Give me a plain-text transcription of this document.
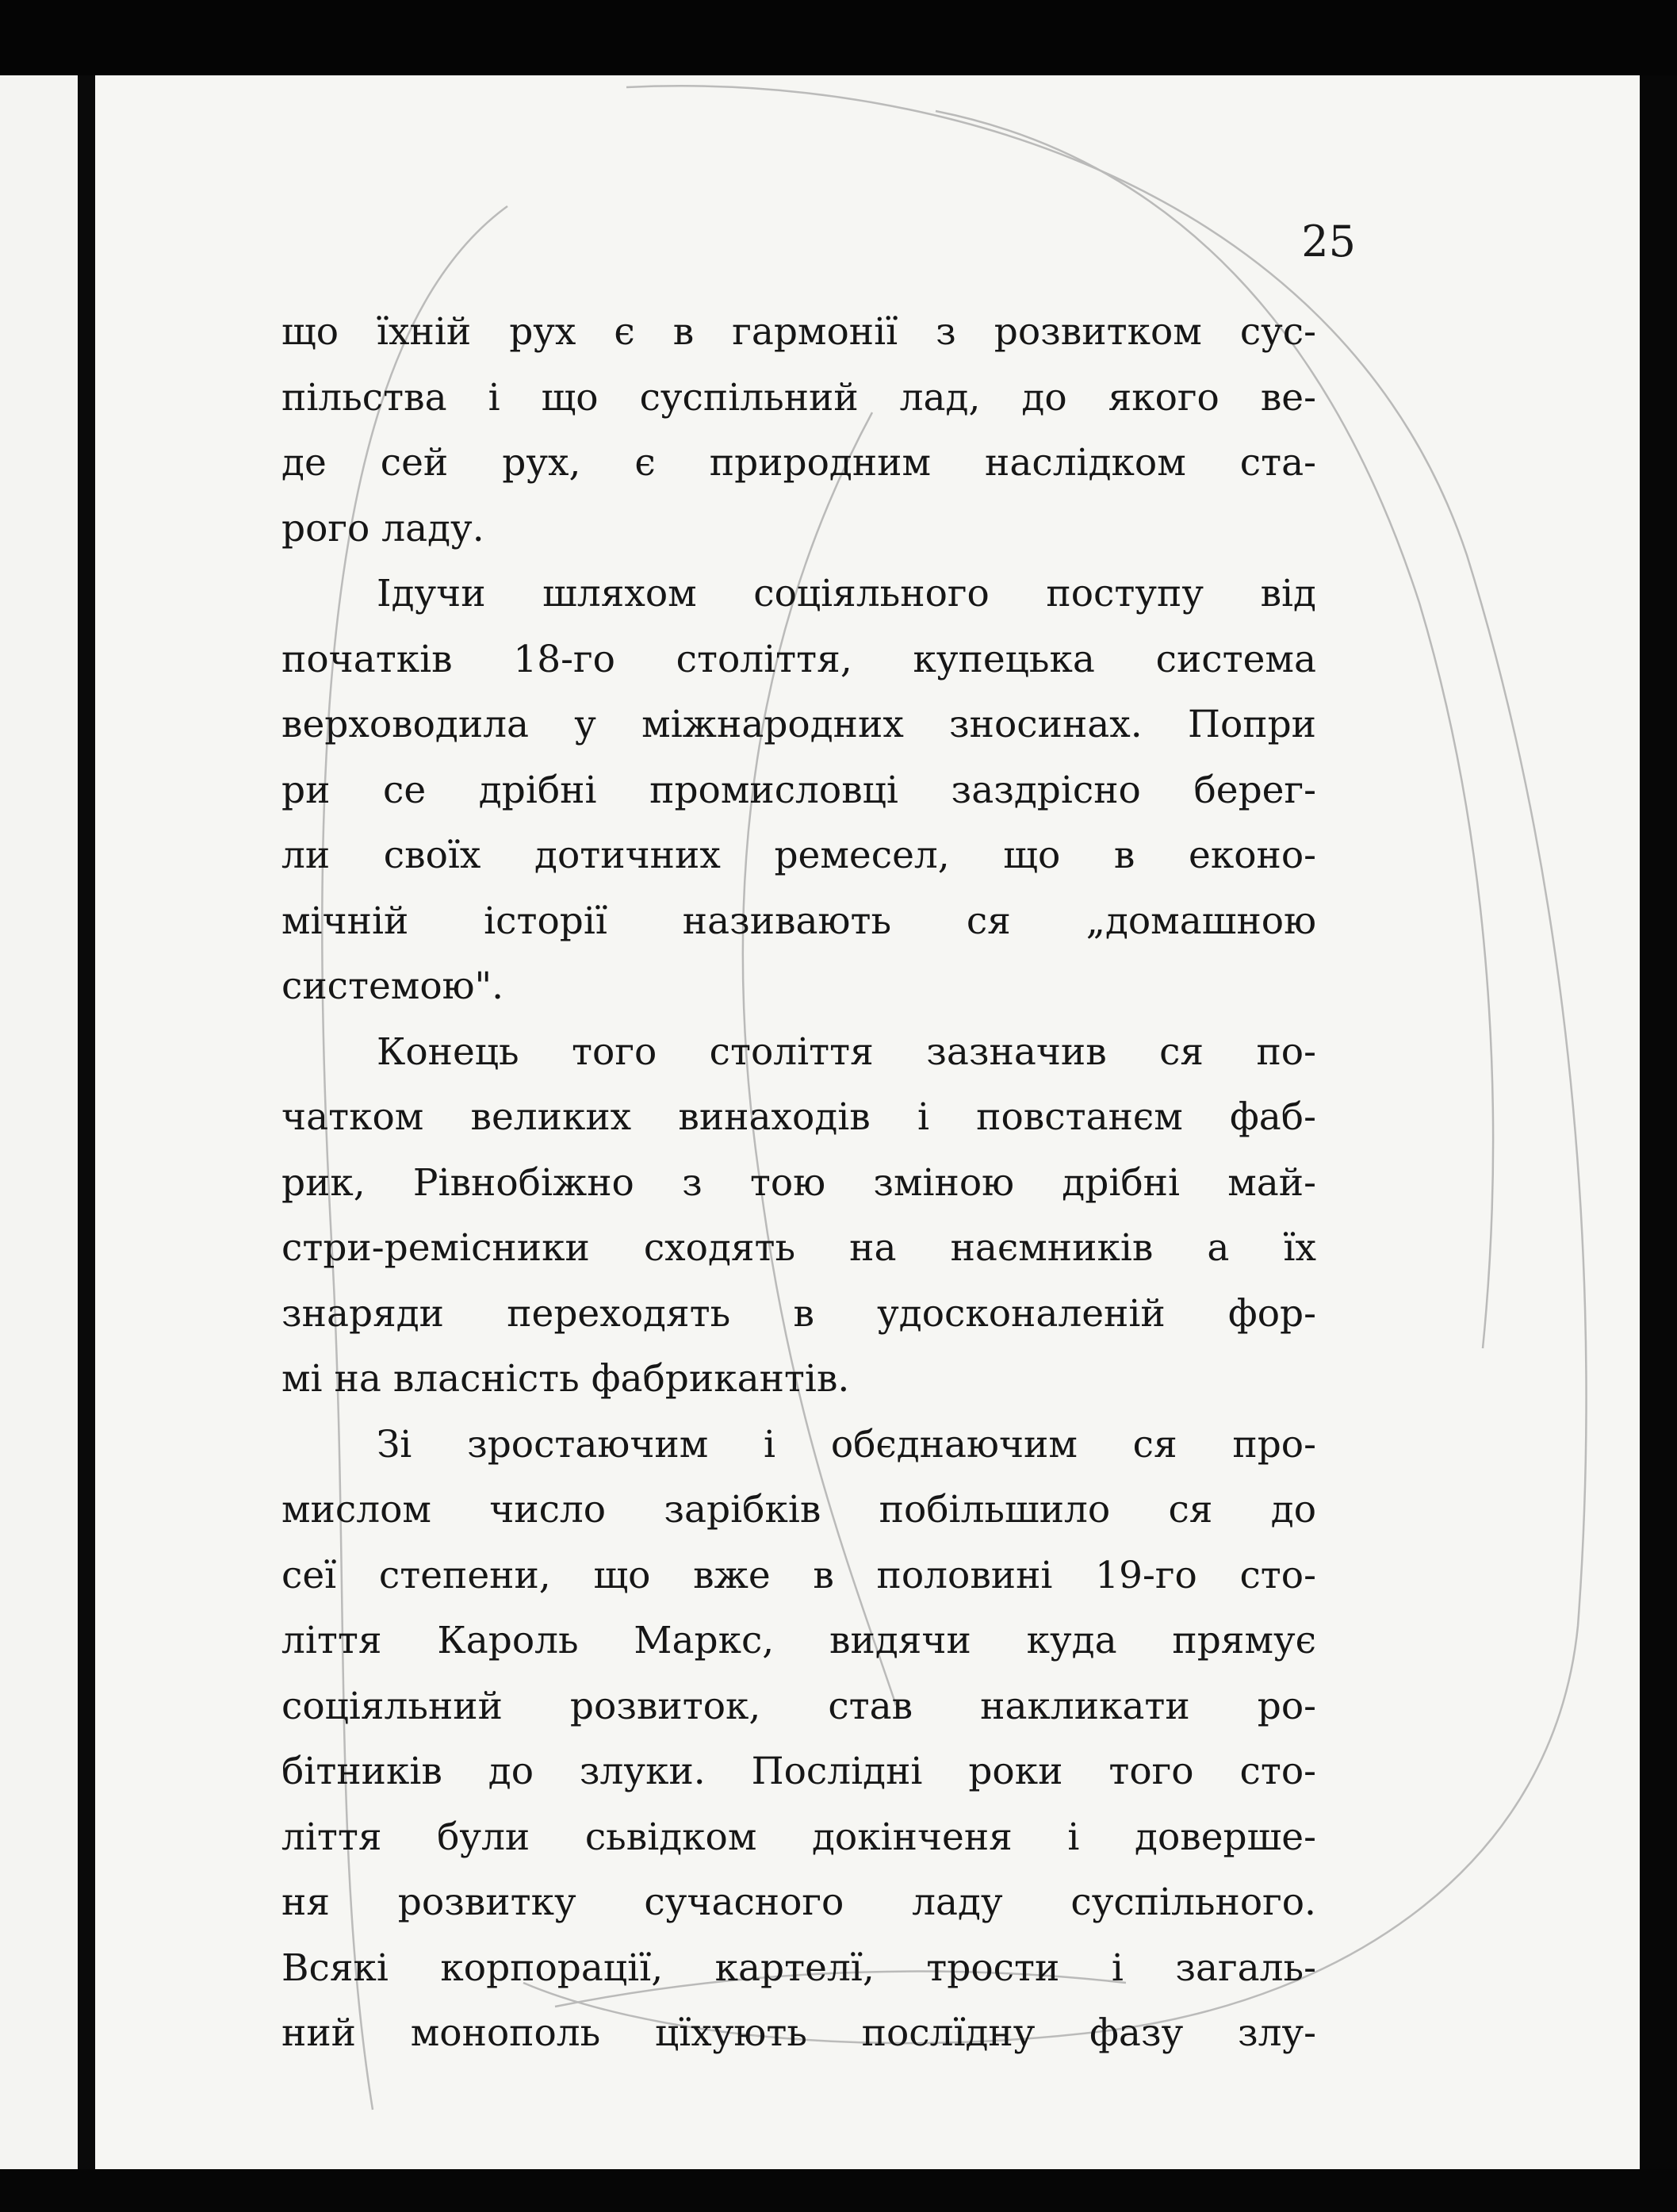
25
що їхній рух є в гармонії з розвитком сус-
пільства і що суспільний лад, до якого ве-
де сей рух, є природним наслідком ста-
рого ладу.
Ідучи шляхом соціяльного поступу від
початків 18-го століття, купецька система
верховодила у міжнародних зносинах. Попри
ри се дрібні промисловці заздрісно берег-
ли своїх дотичних ремесел, що в еконо-
мічній історії називають ся „домашною
системою".
Конець того століття зазначив ся по-
чатком великих винаходів і повстанєм фаб-
рик, Рівнобіжно з тою зміною дрібні май-
стри-ремісники сходять на наємників а їх
знаряди переходять в удосконаленій фор-
мі на власність фабрикантів.
Зі зростаючим і обєднаючим ся про-
мислом число зарібків побільшило ся до
сеї степени, що вже в половині 19-го сто-
ліття Кароль Маркс, видячи куда прямує
соціяльний розвиток, став накликати ро-
бітників до злуки. Послідні роки того сто-
ліття були сьвідком докінченя і доверше-
ня розвитку сучасного ладу суспільного.
Всякі корпорації, картелї, трости і загаль-
ний монополь цїхують послїдну фазу злу-
